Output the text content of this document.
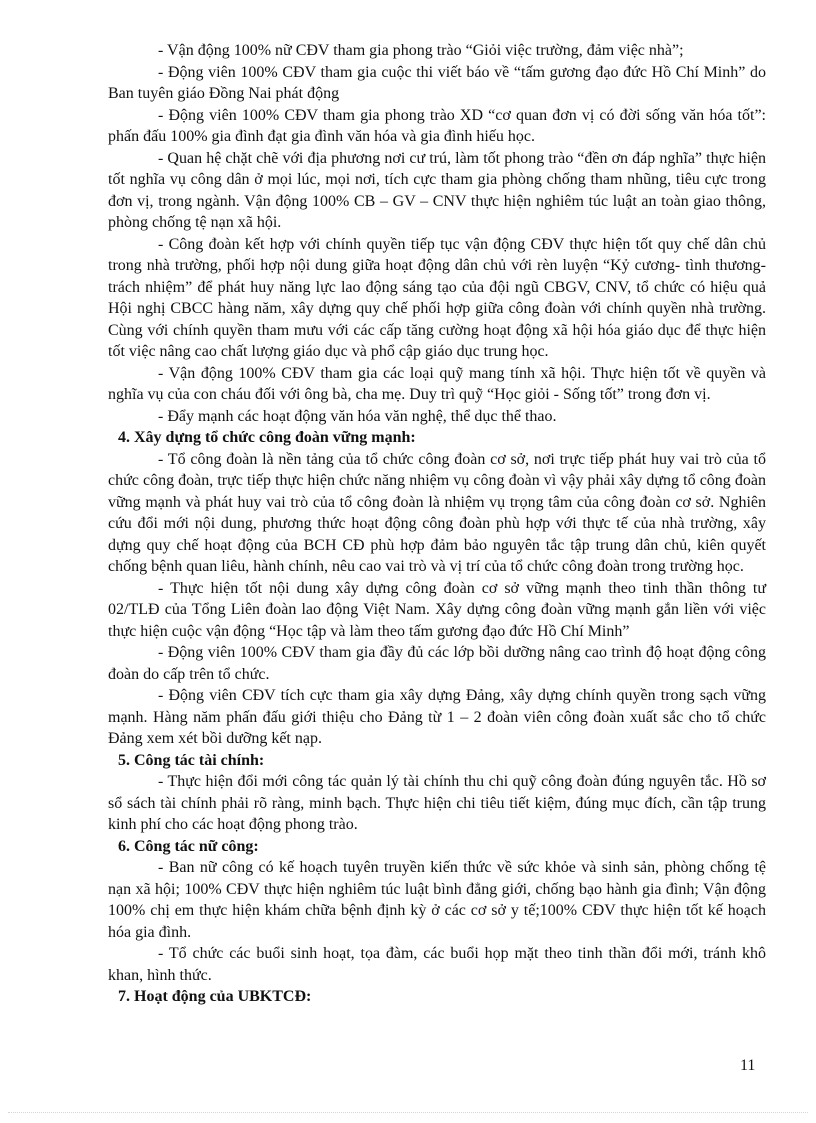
- Vận động 100% nữ CĐV tham gia phong trào “Giỏi việc trường, đảm việc nhà”;

- Động viên 100% CĐV tham gia cuộc thi viết báo về “tấm gương đạo đức Hồ Chí Minh” do Ban tuyên giáo Đồng Nai phát động

- Động viên 100% CĐV tham gia phong trào XD “cơ quan đơn vị có đời sống văn hóa tốt”: phấn đấu 100% gia đình đạt gia đình văn hóa và gia đình hiếu học.

- Quan hệ chặt chẽ với địa phương nơi cư trú, làm tốt phong trào “đền ơn đáp nghĩa” thực hiện tốt nghĩa vụ công dân ở mọi lúc, mọi nơi, tích cực tham gia phòng chống tham nhũng, tiêu cực trong đơn vị, trong ngành. Vận động 100% CB – GV – CNV thực hiện nghiêm túc luật an toàn giao thông, phòng chống tệ nạn xã hội.

- Công đoàn kết hợp với chính quyền tiếp tục vận động CĐV thực hiện tốt quy chế dân chủ trong nhà trường, phối hợp nội dung giữa hoạt động dân chủ với rèn luyện “Kỷ cương- tình thương- trách nhiệm” để phát huy năng lực lao động sáng tạo của đội ngũ CBGV, CNV, tổ chức có hiệu quả Hội nghị CBCC hàng năm, xây dựng quy chế phối hợp giữa công đoàn với chính quyền nhà trường. Cùng với chính quyền tham mưu với các cấp tăng cường hoạt động xã hội hóa giáo dục để thực hiện tốt việc nâng cao chất lượng giáo dục và phổ cập giáo dục trung học.

- Vận động 100% CĐV tham gia các loại quỹ mang tính xã hội. Thực hiện tốt về quyền và nghĩa vụ của con cháu đối với ông bà, cha mẹ. Duy trì quỹ “Học giỏi - Sống tốt” trong đơn vị.

- Đẩy mạnh các hoạt động văn hóa văn nghệ, thể dục thể thao.

4. Xây dựng tổ chức công đoàn vững mạnh:

- Tổ công đoàn là nền tảng của tổ chức công đoàn cơ sở, nơi trực tiếp phát huy vai trò của tổ chức công đoàn, trực tiếp thực hiện chức năng nhiệm vụ công đoàn vì vậy phải xây dựng tổ công đoàn vững mạnh và phát huy vai trò của tổ công đoàn là nhiệm vụ trọng tâm của công đoàn cơ sở. Nghiên cứu đổi mới nội dung, phương thức hoạt động công đoàn phù hợp với thực tế của nhà trường, xây dựng quy chế hoạt động của BCH CĐ phù hợp đảm bảo nguyên tắc tập trung dân chủ, kiên quyết chống bệnh quan liêu, hành chính, nêu cao vai trò và vị trí của tổ chức công đoàn trong trường học.

- Thực hiện tốt nội dung xây dựng công đoàn cơ sở vững mạnh theo tinh thần thông tư 02/TLĐ của Tổng Liên đoàn lao động Việt Nam. Xây dựng công đoàn vững mạnh gắn liền với việc thực hiện cuộc vận động “Học tập và làm theo tấm gương đạo đức Hồ Chí Minh”

- Động viên 100% CĐV tham gia đầy đủ các lớp bồi dưỡng nâng cao trình độ hoạt động công đoàn do cấp trên tổ chức.

- Động viên CĐV tích cực tham gia xây dựng Đảng, xây dựng chính quyền trong sạch vững mạnh. Hàng năm phấn đấu giới thiệu cho Đảng từ 1 – 2 đoàn viên công đoàn xuất sắc cho tổ chức Đảng xem xét bồi dưỡng kết nạp.

5. Công tác tài chính:

- Thực hiện đổi mới công tác quản lý tài chính thu chi quỹ công đoàn đúng nguyên tắc. Hồ sơ sổ sách tài chính phải rõ ràng, minh bạch. Thực hiện chi tiêu tiết kiệm, đúng mục đích, cần tập trung kinh phí cho các hoạt động phong trào.

6. Công tác nữ công:

- Ban nữ công có kế hoạch tuyên truyền kiến thức về sức khỏe và sinh sản, phòng chống tệ nạn xã hội; 100% CĐV thực hiện nghiêm túc luật bình đẳng giới, chống bạo hành gia đình; Vận động 100% chị em thực hiện khám chữa bệnh định kỳ ở các cơ sở y tế;100% CĐV thực hiện tốt kế hoạch hóa gia đình.

- Tổ chức các buổi sinh hoạt, tọa đàm, các buổi họp mặt theo tinh thần đổi mới, tránh khô khan, hình thức.

7. Hoạt động của UBKTCĐ:

11
